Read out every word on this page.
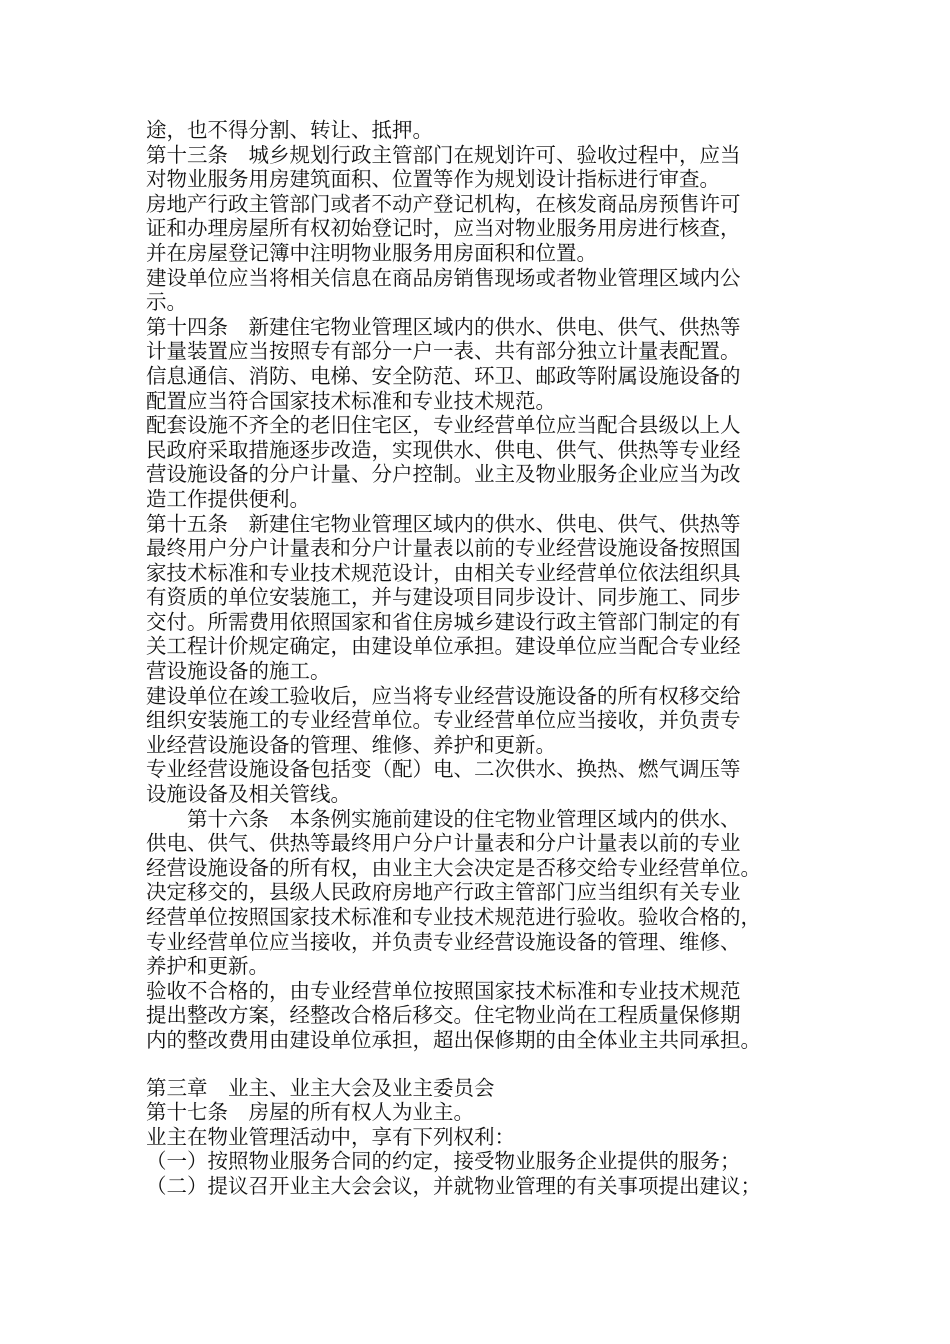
途，也不得分割、转让、抵押。
第十三条　城乡规划行政主管部门在规划许可、验收过程中，应当
对物业服务用房建筑面积、位置等作为规划设计指标进行审查。
房地产行政主管部门或者不动产登记机构，在核发商品房预售许可
证和办理房屋所有权初始登记时，应当对物业服务用房进行核查，
并在房屋登记簿中注明物业服务用房面积和位置。
建设单位应当将相关信息在商品房销售现场或者物业管理区域内公
示。
第十四条　新建住宅物业管理区域内的供水、供电、供气、供热等
计量装置应当按照专有部分一户一表、共有部分独立计量表配置。
信息通信、消防、电梯、安全防范、环卫、邮政等附属设施设备的
配置应当符合国家技术标准和专业技术规范。
配套设施不齐全的老旧住宅区，专业经营单位应当配合县级以上人
民政府采取措施逐步改造，实现供水、供电、供气、供热等专业经
营设施设备的分户计量、分户控制。业主及物业服务企业应当为改
造工作提供便利。
第十五条　新建住宅物业管理区域内的供水、供电、供气、供热等
最终用户分户计量表和分户计量表以前的专业经营设施设备按照国
家技术标准和专业技术规范设计，由相关专业经营单位依法组织具
有资质的单位安装施工，并与建设项目同步设计、同步施工、同步
交付。所需费用依照国家和省住房城乡建设行政主管部门制定的有
关工程计价规定确定，由建设单位承担。建设单位应当配合专业经
营设施设备的施工。
建设单位在竣工验收后，应当将专业经营设施设备的所有权移交给
组织安装施工的专业经营单位。专业经营单位应当接收，并负责专
业经营设施设备的管理、维修、养护和更新。
专业经营设施设备包括变（配）电、二次供水、换热、燃气调压等
设施设备及相关管线。
　　第十六条　本条例实施前建设的住宅物业管理区域内的供水、
供电、供气、供热等最终用户分户计量表和分户计量表以前的专业
经营设施设备的所有权，由业主大会决定是否移交给专业经营单位。
决定移交的，县级人民政府房地产行政主管部门应当组织有关专业
经营单位按照国家技术标准和专业技术规范进行验收。验收合格的，
专业经营单位应当接收，并负责专业经营设施设备的管理、维修、
养护和更新。
验收不合格的，由专业经营单位按照国家技术标准和专业技术规范
提出整改方案，经整改合格后移交。住宅物业尚在工程质量保修期
内的整改费用由建设单位承担，超出保修期的由全体业主共同承担。
第三章　业主、业主大会及业主委员会
第十七条　房屋的所有权人为业主。
业主在物业管理活动中，享有下列权利：
（一）按照物业服务合同的约定，接受物业服务企业提供的服务；
（二）提议召开业主大会会议，并就物业管理的有关事项提出建议；
